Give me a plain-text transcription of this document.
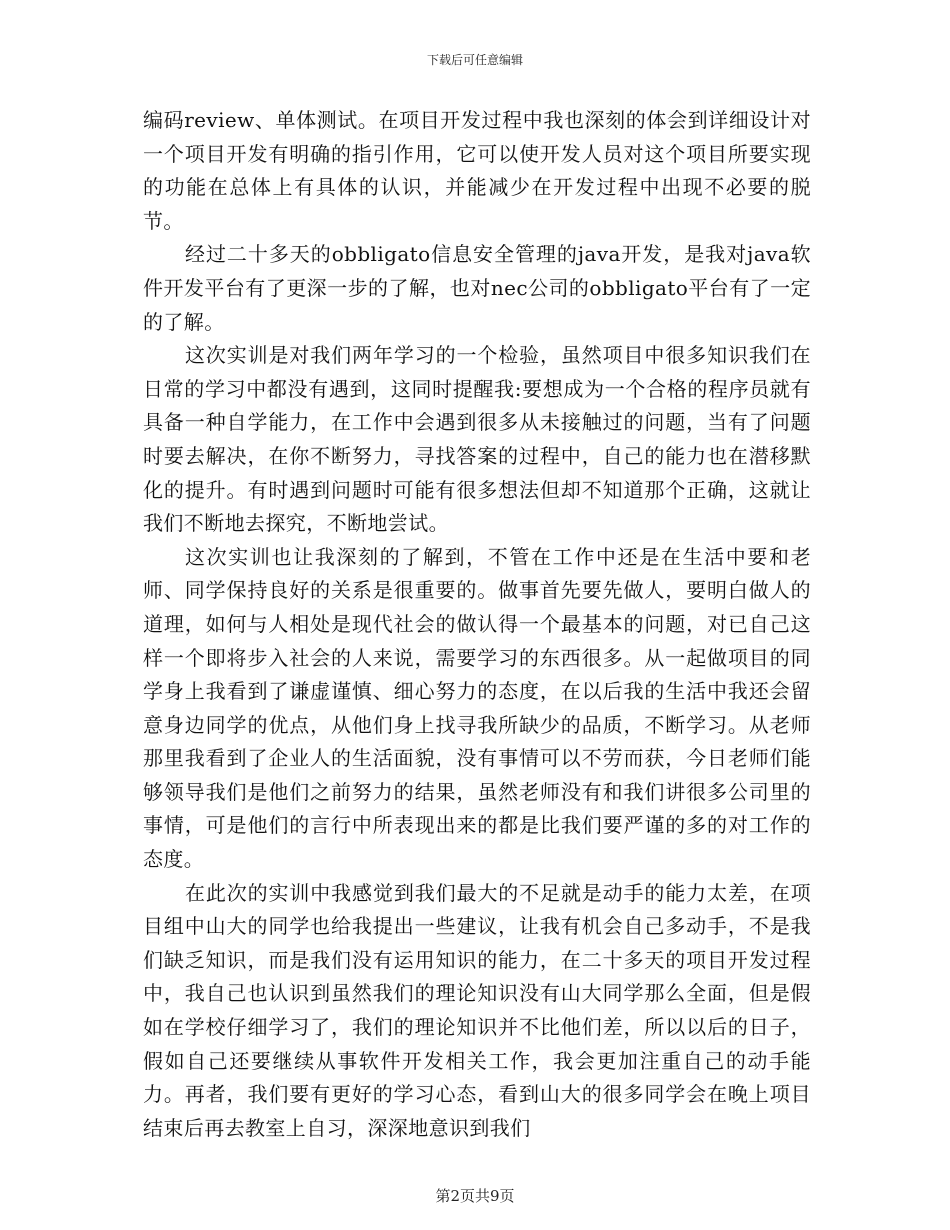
下载后可任意编辑

编码review、单体测试。在项目开发过程中我也深刻的体会到详细设计对一个项目开发有明确的指引作用，它可以使开发人员对这个项目所要实现的功能在总体上有具体的认识，并能减少在开发过程中出现不必要的脱节。

经过二十多天的obbligato信息安全管理的java开发，是我对java软件开发平台有了更深一步的了解，也对nec公司的obbligato平台有了一定的了解。

这次实训是对我们两年学习的一个检验，虽然项目中很多知识我们在日常的学习中都没有遇到，这同时提醒我:要想成为一个合格的程序员就有具备一种自学能力，在工作中会遇到很多从未接触过的问题，当有了问题时要去解决，在你不断努力，寻找答案的过程中，自己的能力也在潜移默化的提升。有时遇到问题时可能有很多想法但却不知道那个正确，这就让我们不断地去探究，不断地尝试。

这次实训也让我深刻的了解到，不管在工作中还是在生活中要和老师、同学保持良好的关系是很重要的。做事首先要先做人，要明白做人的道理，如何与人相处是现代社会的做认得一个最基本的问题，对已自己这样一个即将步入社会的人来说，需要学习的东西很多。从一起做项目的同学身上我看到了谦虚谨慎、细心努力的态度，在以后我的生活中我还会留意身边同学的优点，从他们身上找寻我所缺少的品质，不断学习。从老师那里我看到了企业人的生活面貌，没有事情可以不劳而获，今日老师们能够领导我们是他们之前努力的结果，虽然老师没有和我们讲很多公司里的事情，可是他们的言行中所表现出来的都是比我们要严谨的多的对工作的态度。

在此次的实训中我感觉到我们最大的不足就是动手的能力太差，在项目组中山大的同学也给我提出一些建议，让我有机会自己多动手，不是我们缺乏知识，而是我们没有运用知识的能力，在二十多天的项目开发过程中，我自己也认识到虽然我们的理论知识没有山大同学那么全面，但是假如在学校仔细学习了，我们的理论知识并不比他们差，所以以后的日子，假如自己还要继续从事软件开发相关工作，我会更加注重自己的动手能力。再者，我们要有更好的学习心态，看到山大的很多同学会在晚上项目结束后再去教室上自习，深深地意识到我们

第2页共9页
